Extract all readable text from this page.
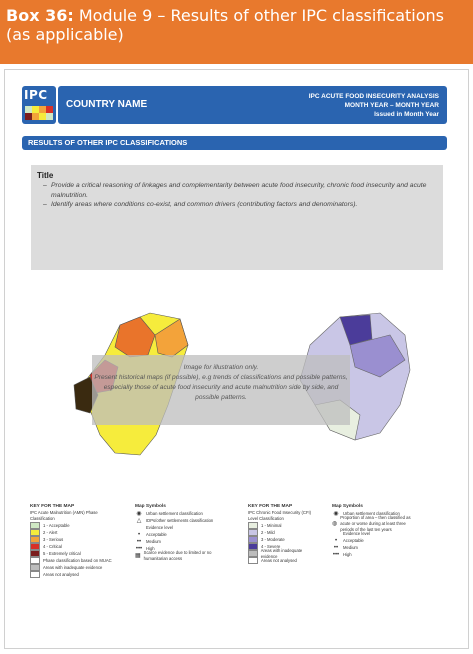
Box 36: Module 9 – Results of other IPC classifications (as applicable)
IPC
COUNTRY NAME
IPC ACUTE FOOD INSECURITY ANALYSIS
MONTH YEAR – MONTH YEAR
Issued in Month Year
RESULTS OF OTHER IPC CLASSIFICATIONS
Title
– Provide a critical reasoning of linkages and complementarity between acute food insecurity, chronic food insecurity and acute malnutrition.
– Identify areas where conditions co-exist, and common drivers (contributing factors and denominators).
Image for illustration only.
Present historical maps (if possible), e.g trends of classifications and possible patterns, especially those of acute food insecurity and acute malnutrition side by side, and possible patterns.
KEY FOR THE MAP
IPC Acute Malnutrition (AMN) Phase Classification
1 - Acceptable
2 - Alert
3 - Serious
4 - Critical
5 - Extremely critical
Phase classification based on MUAC
Areas with inadequate evidence
Areas not analysed
Map Symbols
◉	Urban settlement classification
△	IDPs/other settlements classification
Evidence level
•	Acceptable
••	Medium
••• High
▦
Scarce evidence due to limited or no humanitarian access
KEY FOR THE MAP
IPC Chronic Food Insecurity (CFI) Level Classification
1 - Minimal
2 - Mild
3 - Moderate
4 - Severe
Areas with inadequate evidence
Areas not analysed
Map Symbols
◉	Urban settlement classification
◍
Proportion of area – then classified as acute or worse during at least three periods of the last ten years
Evidence level
•	Acceptable
••	Medium
••• High
